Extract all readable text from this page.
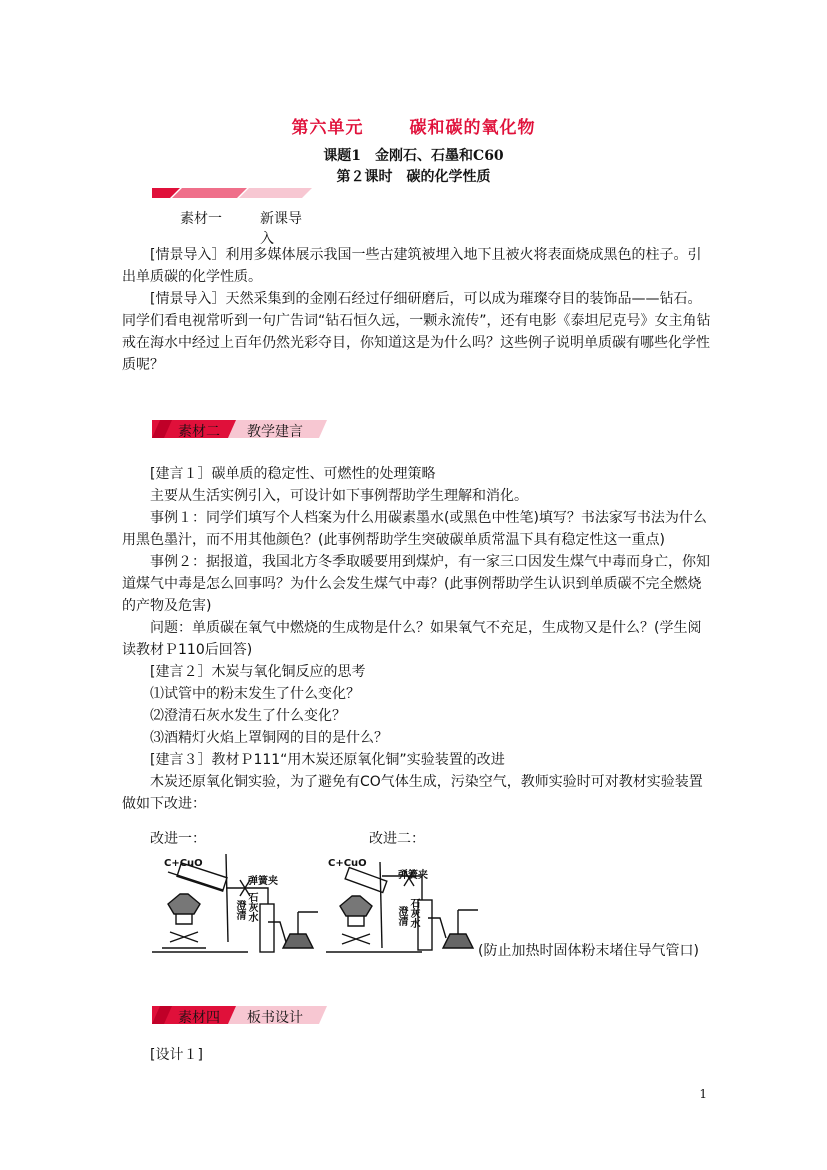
第六单元	碳和碳的氧化物
课题1　金刚石、石墨和C60
第２课时　碳的化学性质
素材一	新课导入

[情景导入］利用多媒体展示我国一些古建筑被埋入地下且被火将表面烧成黑色的柱子。引出单质碳的化学性质。

[情景导入］天然采集到的金刚石经过仔细研磨后，可以成为璀璨夺目的装饰品——钻石。同学们看电视常听到一句广告词“钻石恒久远，一颗永流传”，还有电影《泰坦尼克号》女主角钻戒在海水中经过上百年仍然光彩夺目，你知道这是为什么吗？这些例子说明单质碳有哪些化学性质呢？

素材二 教学建言

[建言１］碳单质的稳定性、可燃性的处理策略

主要从生活实例引入，可设计如下事例帮助学生理解和消化。

事例１：同学们填写个人档案为什么用碳素墨水(或黑色中性笔)填写？书法家写书法为什么用黑色墨汁，而不用其他颜色？(此事例帮助学生突破碳单质常温下具有稳定性这一重点)

事例２：据报道，我国北方冬季取暖要用到煤炉，有一家三口因发生煤气中毒而身亡，你知道煤气中毒是怎么回事吗？为什么会发生煤气中毒？(此事例帮助学生认识到单质碳不完全燃烧的产物及危害)

问题：单质碳在氧气中燃烧的生成物是什么？如果氧气不充足，生成物又是什么？(学生阅读教材Ｐ110后回答)

[建言２］木炭与氧化铜反应的思考

⑴试管中的粉末发生了什么变化？

⑵澄清石灰水发生了什么变化？

⑶酒精灯火焰上罩铜网的目的是什么？

[建言３］教材Ｐ111“用木炭还原氧化铜”实验装置的改进

木炭还原氧化铜实验，为了避免有CO气体生成，污染空气，教师实验时可对教材实验装置做如下改进：

改进一：	改进二：
C+CuO
弹簧夹
澄清 石灰水
C+CuO
弹簧夹
澄清 石灰水
(防止加热时固体粉末堵住导气管口)
素材四 板书设计
[设计１]
1
